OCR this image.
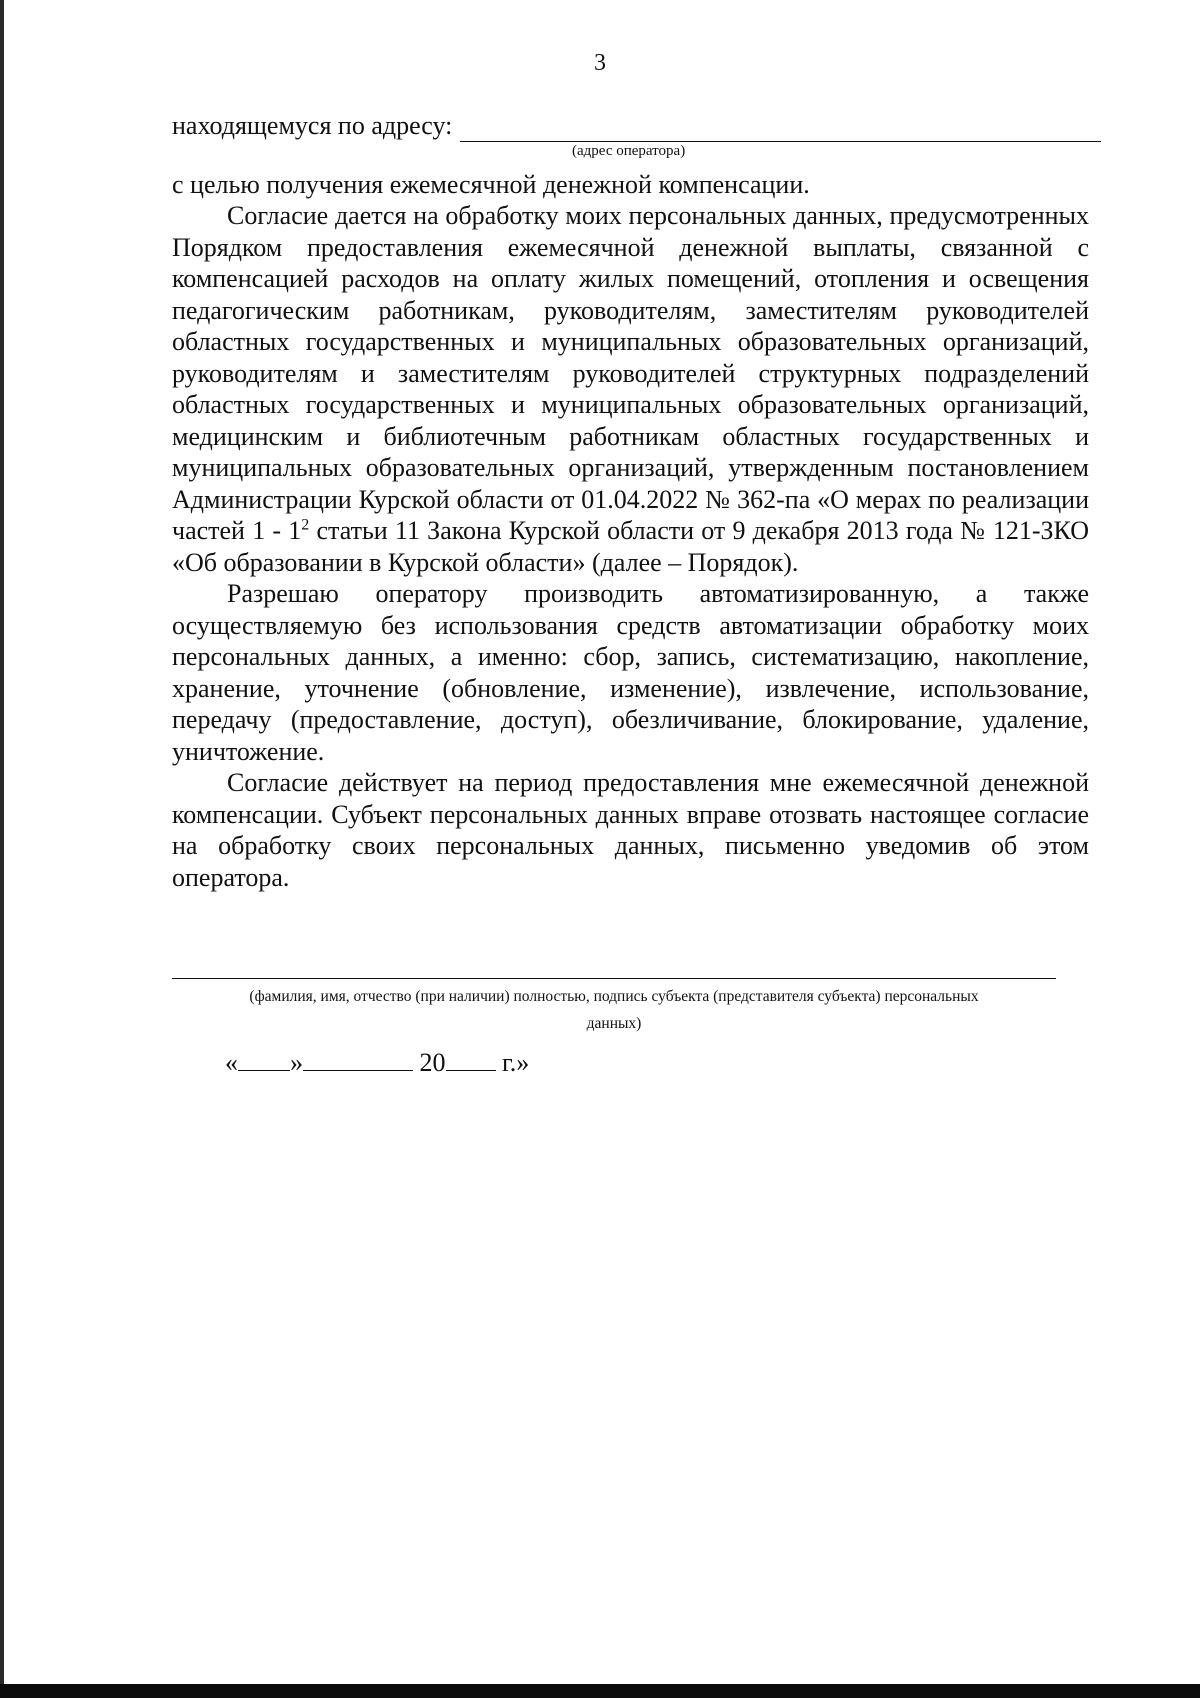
3
находящемуся по адресу:
(адрес оператора)
с целью получения ежемесячной денежной компенсации.

Согласие дается на обработку моих персональных данных, предусмотренных Порядком предоставления ежемесячной денежной выплаты, связанной с компенсацией расходов на оплату жилых помещений, отопления и освещения педагогическим работникам, руководителям, заместителям руководителей областных государственных и муниципальных образовательных организаций, руководителям и заместителям руководителей структурных подразделений областных государственных и муниципальных образовательных организаций, медицинским и библиотечным работникам областных государственных и муниципальных образовательных организаций, утвержденным постановлением Администрации Курской области от 01.04.2022 № 362-па «О мерах по реализации частей $1 - 1^2$ статьи 11 Закона Курской области от 9 декабря 2013 года № 121-ЗКО «Об образовании в Курской области» (далее – Порядок).

Разрешаю оператору производить автоматизированную, а также осуществляемую без использования средств автоматизации обработку моих персональных данных, а именно: сбор, запись, систематизацию, накопление, хранение, уточнение (обновление, изменение), извлечение, использование, передачу (предоставление, доступ), обезличивание, блокирование, удаление, уничтожение.

Согласие действует на период предоставления мне ежемесячной денежной компенсации. Субъект персональных данных вправе отозвать настоящее согласие на обработку своих персональных данных, письменно уведомив об этом оператора.

(фамилия, имя, отчество (при наличии) полностью, подпись субъекта (представителя субъекта) персональных
данных)
« »	20 г.»
